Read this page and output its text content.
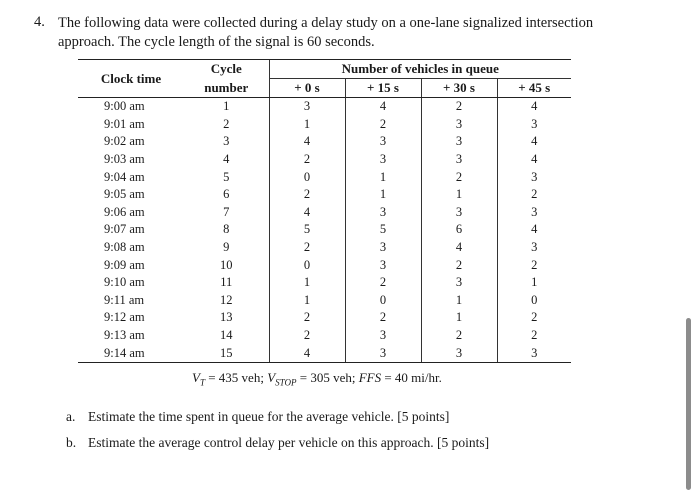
4. The following data were collected during a delay study on a one-lane signalized intersection approach. The cycle length of the signal is 60 seconds.
Clock time	Cycle	Number of vehicles in queue			
	number	+ 0 s	+ 15 s	+ 30 s	+ 45 s
9:00 am	1	3	4	2	4
9:01 am	2	1	2	3	3
9:02 am	3	4	3	3	4
9:03 am	4	2	3	3	4
9:04 am	5	0	1	2	3
9:05 am	6	2	1	1	2
9:06 am	7	4	3	3	3
9:07 am	8	5	5	6	4
9:08 am	9	2	3	4	3
9:09 am	10	0	3	2	2
9:10 am	11	1	2	3	1
9:11 am	12	1	0	1	0
9:12 am	13	2	2	1	2
9:13 am	14	2	3	2	2
9:14 am	15	4	3	3	3
$V_T = 435$ veh; $V_{STOP} = 305$ veh; FFS = 40 mi/hr.
a. Estimate the time spent in queue for the average vehicle. [5 points]
b. Estimate the average control delay per vehicle on this approach. [5 points]
